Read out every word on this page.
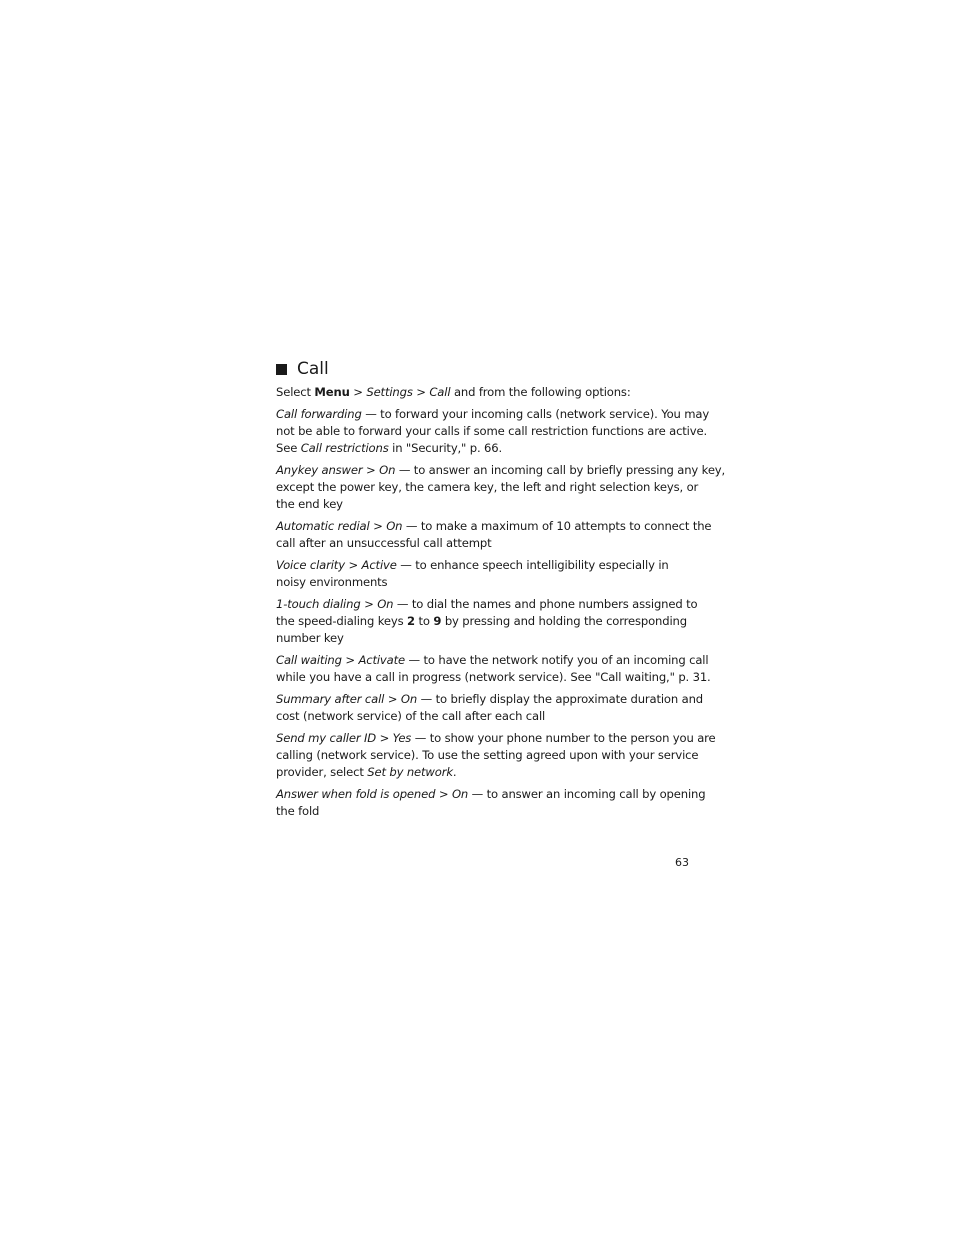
Call

Select Menu > Settings > Call and from the following options:

Call forwarding — to forward your incoming calls (network service). You may
not be able to forward your calls if some call restriction functions are active.
See Call restrictions in "Security," p. 66.

Anykey answer > On — to answer an incoming call by briefly pressing any key,
except the power key, the camera key, the left and right selection keys, or
the end key

Automatic redial > On — to make a maximum of 10 attempts to connect the
call after an unsuccessful call attempt

Voice clarity > Active — to enhance speech intelligibility especially in
noisy environments

1-touch dialing > On — to dial the names and phone numbers assigned to
the speed-dialing keys 2 to 9 by pressing and holding the corresponding
number key

Call waiting > Activate — to have the network notify you of an incoming call
while you have a call in progress (network service). See "Call waiting," p. 31.

Summary after call > On — to briefly display the approximate duration and
cost (network service) of the call after each call

Send my caller ID > Yes — to show your phone number to the person you are
calling (network service). To use the setting agreed upon with your service
provider, select Set by network.

Answer when fold is opened > On — to answer an incoming call by opening
the fold

63
